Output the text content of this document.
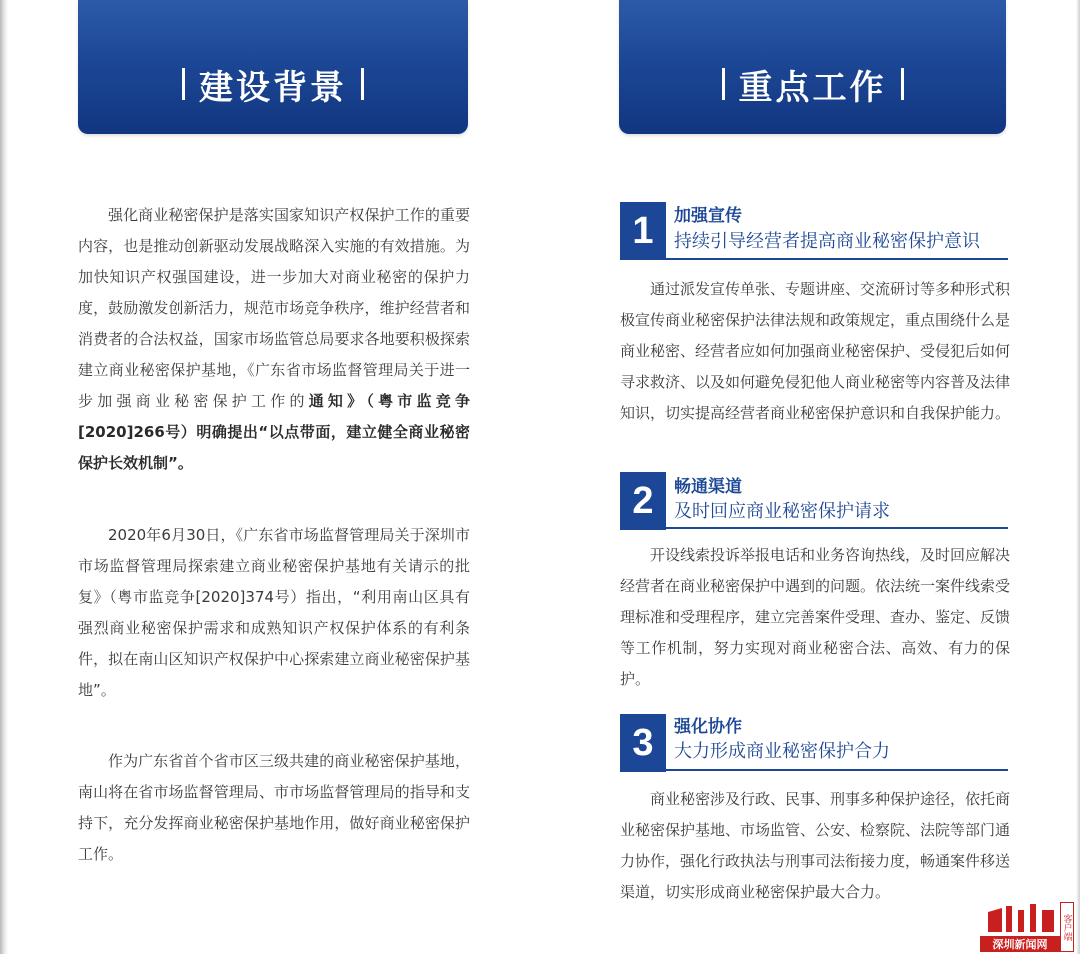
建设背景

强化商业秘密保护是落实国家知识产权保护工作的重要内容，也是推动创新驱动发展战略深入实施的有效措施。为加快知识产权强国建设，进一步加大对商业秘密的保护力度，鼓励激发创新活力，规范市场竞争秩序，维护经营者和消费者的合法权益，国家市场监管总局要求各地要积极探索建立商业秘密保护基地，《广东省市场监督管理局关于进一步加强商业秘密保护工作的通知》（粤市监竞争[2020]266号）明确提出“以点带面，建立健全商业秘密保护长效机制”。

2020年6月30日，《广东省市场监督管理局关于深圳市市场监督管理局探索建立商业秘密保护基地有关请示的批复》（粤市监竞争[2020]374号）指出，“利用南山区具有强烈商业秘密保护需求和成熟知识产权保护体系的有利条件，拟在南山区知识产权保护中心探索建立商业秘密保护基地”。

作为广东省首个省市区三级共建的商业秘密保护基地，南山将在省市场监督管理局、市市场监督管理局的指导和支持下，充分发挥商业秘密保护基地作用，做好商业秘密保护工作。

重点工作
1	加强宣传
持续引导经营者提高商业秘密保护意识

通过派发宣传单张、专题讲座、交流研讨等多种形式积极宣传商业秘密保护法律法规和政策规定，重点围绕什么是商业秘密、经营者应如何加强商业秘密保护、受侵犯后如何寻求救济、以及如何避免侵犯他人商业秘密等内容普及法律知识，切实提高经营者商业秘密保护意识和自我保护能力。

2	畅通渠道
及时回应商业秘密保护请求

开设线索投诉举报电话和业务咨询热线，及时回应解决经营者在商业秘密保护中遇到的问题。依法统一案件线索受理标准和受理程序，建立完善案件受理、查办、鉴定、反馈等工作机制，努力实现对商业秘密合法、高效、有力的保护。

3	强化协作
大力形成商业秘密保护合力

商业秘密涉及行政、民事、刑事多种保护途径，依托商业秘密保护基地、市场监管、公安、检察院、法院等部门通力协作，强化行政执法与刑事司法衔接力度，畅通案件移送渠道，切实形成商业秘密保护最大合力。

深圳新闻网
客户端
